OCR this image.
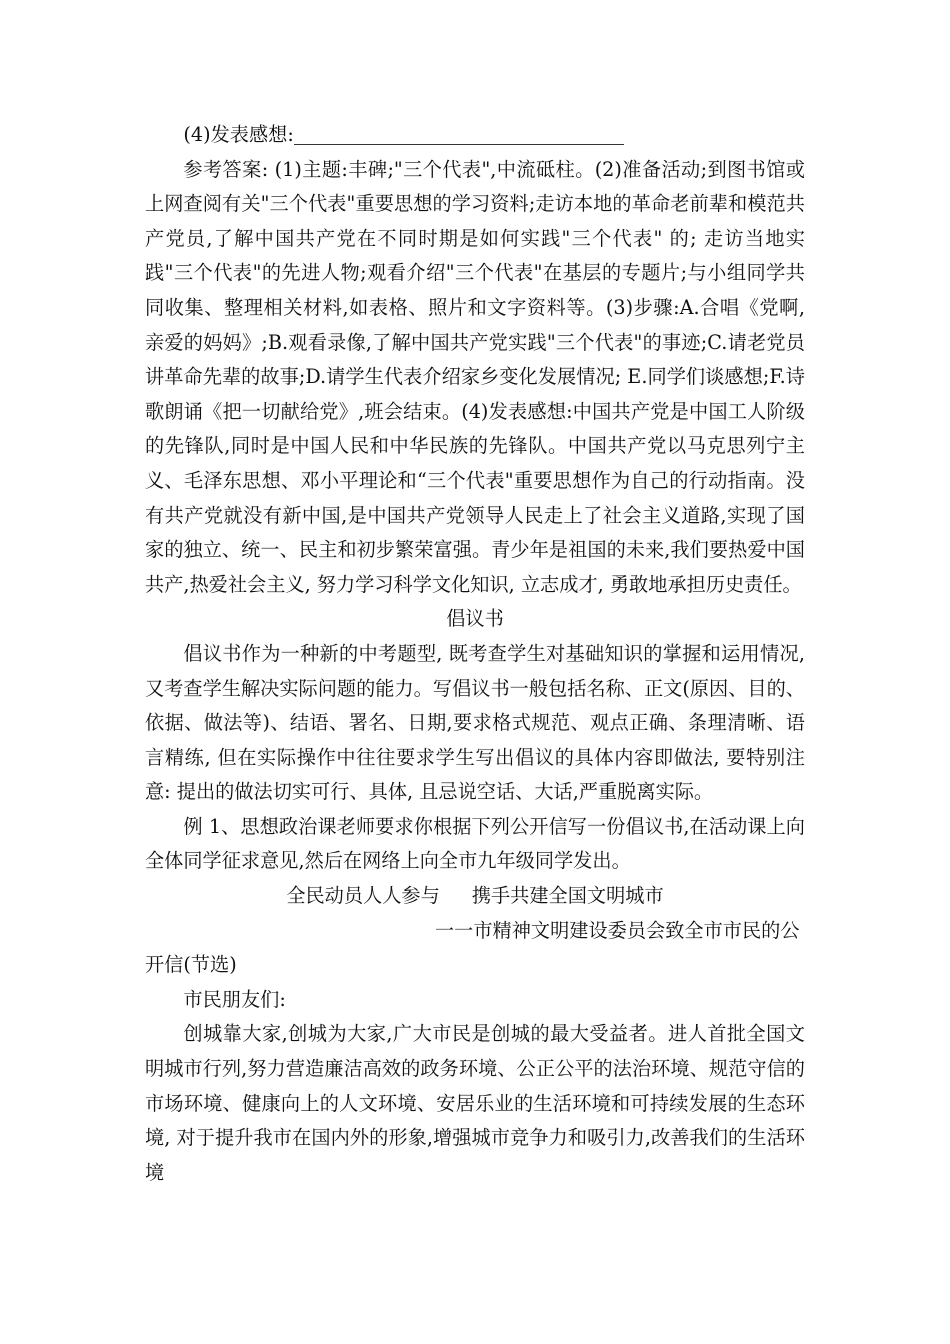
(4)发表感想:

参考答案: (1)主题:丰碑;"三个代表",中流砥柱。(2)准备活动;到图书馆或上网查阅有关"三个代表"重要思想的学习资料;走访本地的革命老前辈和模范共产党员,了解中国共产党在不同时期是如何实践"三个代表" 的; 走访当地实践"三个代表"的先进人物;观看介绍"三个代表"在基层的专题片;与小组同学共同收集、整理相关材料,如表格、照片和文字资料等。(3)步骤:A.合唱《党啊,亲爱的妈妈》;B.观看录像,了解中国共产党实践"三个代表"的事迹;C.请老党员讲革命先辈的故事;D.请学生代表介绍家乡变化发展情况; E.同学们谈感想;F.诗歌朗诵《把一切献给党》,班会结束。(4)发表感想:中国共产党是中国工人阶级的先锋队,同时是中国人民和中华民族的先锋队。中国共产党以马克思列宁主义、毛泽东思想、邓小平理论和“三个代表"重要思想作为自己的行动指南。没有共产党就没有新中国,是中国共产党领导人民走上了社会主义道路,实现了国家的独立、统一、民主和初步繁荣富强。青少年是祖国的未来,我们要热爱中国共产,热爱社会主义, 努力学习科学文化知识, 立志成才, 勇敢地承担历史责任。

倡议书

倡议书作为一种新的中考题型, 既考查学生对基础知识的掌握和运用情况, 又考查学生解决实际问题的能力。写倡议书一般包括名称、正文(原因、目的、依据、做法等)、结语、署名、日期,要求格式规范、观点正确、条理清晰、语言精练, 但在实际操作中往往要求学生写出倡议的具体内容即做法, 要特别注意: 提出的做法切实可行、具体, 且忌说空话、大话,严重脱离实际。

例 1、思想政治课老师要求你根据下列公开信写一份倡议书,在活动课上向全体同学征求意见,然后在网络上向全市九年级同学发出。

全民动员人人参与 携手共建全国文明城市

一一市精神文明建设委员会致全市市民的公

开信(节选)

市民朋友们:

创城靠大家,创城为大家,广大市民是创城的最大受益者。进人首批全国文明城市行列,努力营造廉洁高效的政务环境、公正公平的法治环境、规范守信的市场环境、健康向上的人文环境、安居乐业的生活环境和可持续发展的生态环境, 对于提升我市在国内外的形象,增强城市竞争力和吸引力,改善我们的生活环境
